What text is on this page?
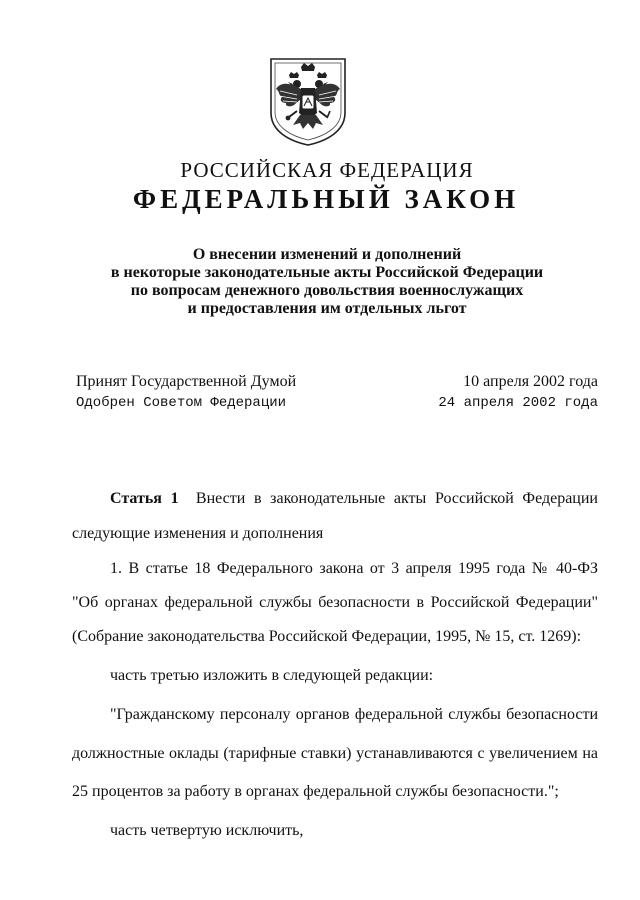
РОССИЙСКАЯ ФЕДЕРАЦИЯ
ФЕДЕРАЛЬНЫЙ ЗАКОН
О внесении изменений и дополнений
в некоторые законодательные акты Российской Федерации
по вопросам денежного довольствия военнослужащих
и предоставления им отдельных льгот
Принят Государственной Думой	10 апреля 2002 года
Одобрен Советом Федерации	24 апреля 2002 года
Статья 1 Внести в законодательные акты Российской Федерации
следующие изменения и дополнения
1. В статье 18 Федерального закона от 3 апреля 1995 года № 40-ФЗ
"Об органах федеральной службы безопасности в Российской Федерации"
(Собрание законодательства Российской Федерации, 1995, № 15, ст. 1269):
часть третью изложить в следующей редакции:
"Гражданскому персоналу органов федеральной службы безопасности
должностные оклады (тарифные ставки) устанавливаются с увеличением на
25 процентов за работу в органах федеральной службы безопасности.";
часть четвертую исключить,
